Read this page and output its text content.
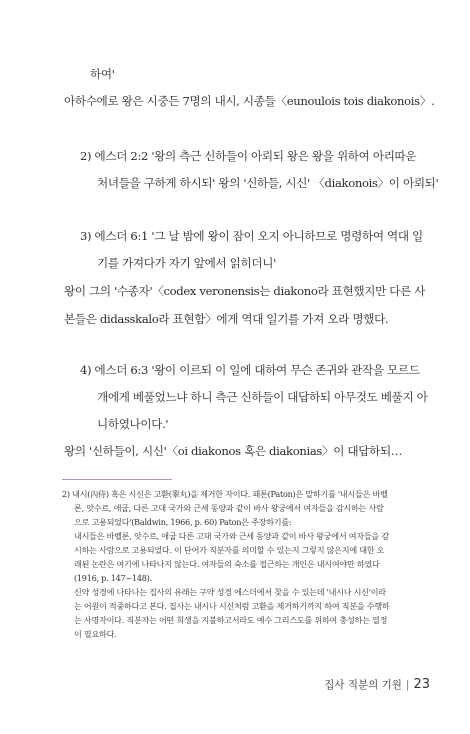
하여'
아하수에로 왕은 시중든 7명의 내시, 시종들〈eunoulois tois diakonois〉.
2) 에스더 2:2 '왕의 측근 신하들이 아뢰되 왕은 왕을 위하여 아리따운
처녀들을 구하게 하시되' 왕의 '신하들, 시신' 〈diakonois〉이 아뢰되'
3) 에스더 6:1 '그 날 밤에 왕이 잠이 오지 아니하므로 명령하여 역대 일
기를 가져다가 자기 앞에서 읽히더니'
왕이 그의 '수종자'〈codex veronensis는 diakono라 표현했지만 다른 사
본들은 didasskalo라 표현함〉에게 역대 일기를 가져 오라 명했다.
4) 에스더 6:3 '왕이 이르되 이 일에 대하여 무슨 존귀와 관작을 모르드
개에게 베풀었느냐 하니 측근 신하들이 대답하되 아무것도 베풀지 아
니하였나이다.'
왕의 '신하들이, 시신'〈oi diakonos 혹은 diakonias〉이 대답하되…
2) 내시(內侍) 혹은 시신은 고환(睾丸)을 제거한 자이다. 패톤(Paton)은 말하기를 '내시들은 바벨
론, 앗수르, 애굽, 다른 고대 국가와 근세 동양과 같이 바사 왕궁에서 여자들을 감시하는 사람
으로 고용되었다'(Baldwin, 1966, p. 60) Paton은 주장하기를:
내시들은 바벨론, 앗수르, 애굽 다른 고대 국가와 근세 동양과 같이 바사 왕궁에서 여자들을 감
시하는 사람으로 고용되었다. 이 단어가 직분자를 의미할 수 있는지 그렇지 않은지에 대한 오
래된 논란은 여기에 나타나지 않는다. 여자들의 숙소를 접근하는 개인은 내시여야만 하였다
(1916, p. 147~148).
신약 성경에 나타나는 집사의 유래는 구약 성경 에스더에서 찾을 수 있는데 '내시나 시신'이라
는 어원이 적중하다고 본다. 집사는 내시나 시신처럼 고환을 제거하기까지 하여 직분을 수행하
는 사명자이다. 직분자는 어떤 희생을 지불하고서라도 예수 그리스도를 위하여 충성하는 열정
이 필요하다.
집사 직분의 기원 | 23
